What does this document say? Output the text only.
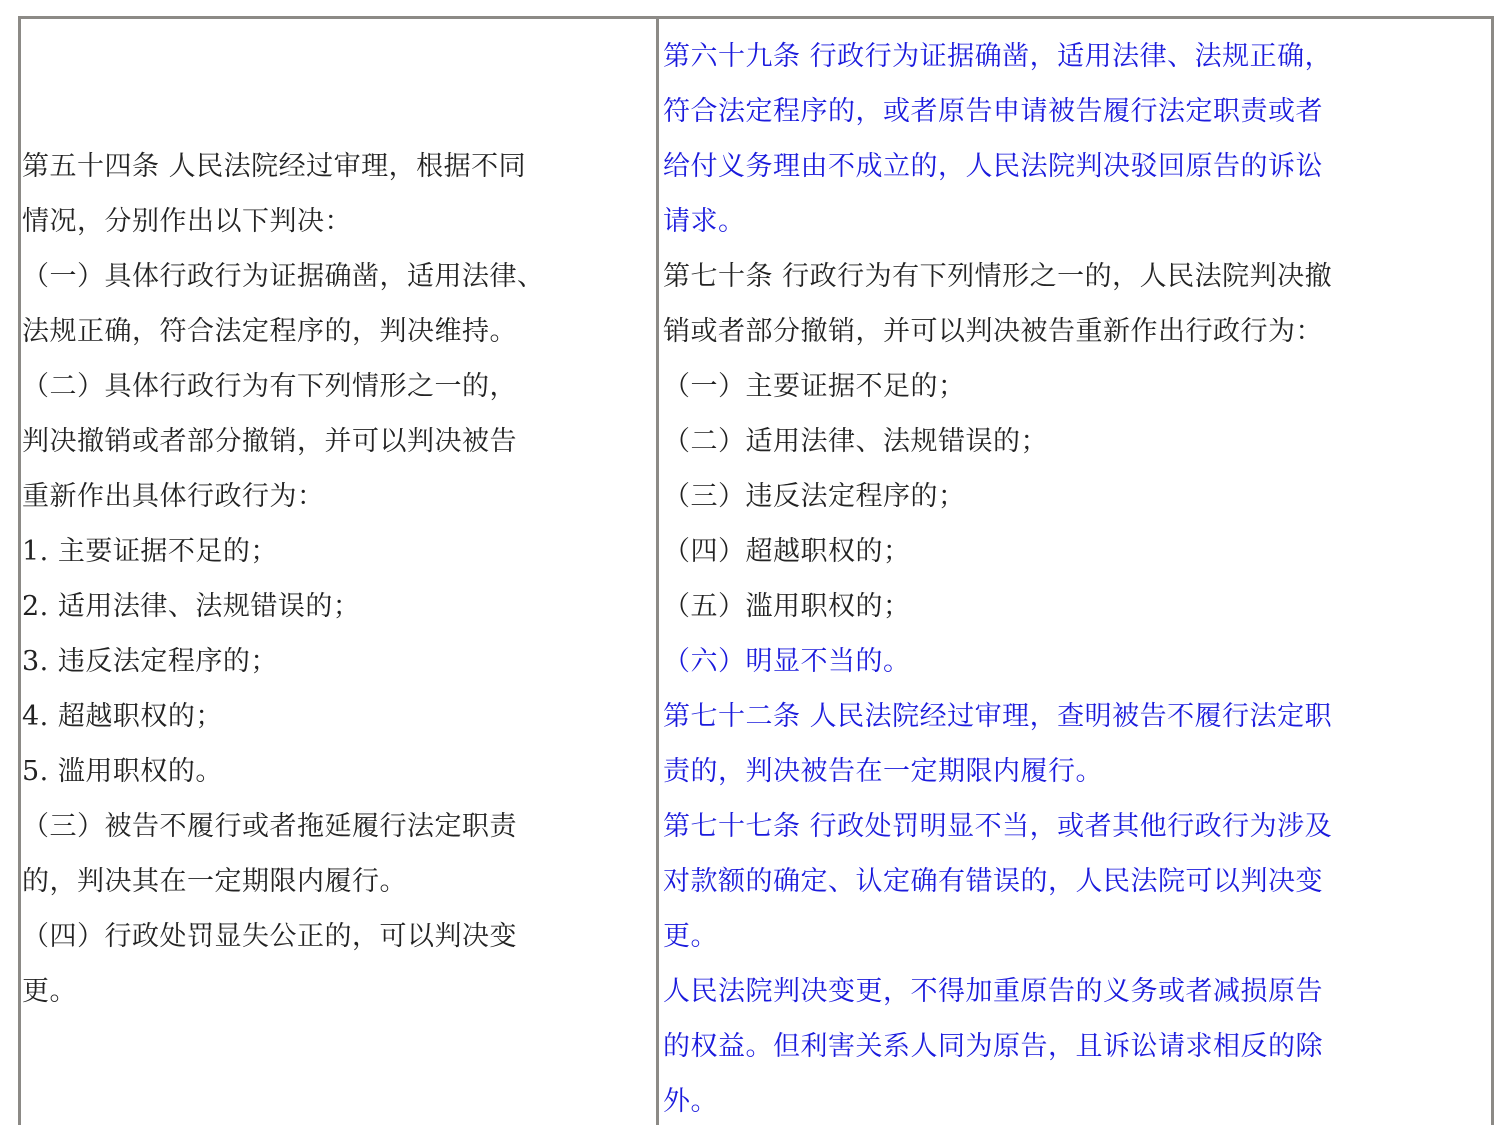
第五十四条 人民法院经过审理，根据不同
情况，分别作出以下判决：
（一）具体行政行为证据确凿，适用法律、
法规正确，符合法定程序的，判决维持。
（二）具体行政行为有下列情形之一的，
判决撤销或者部分撤销，并可以判决被告
重新作出具体行政行为：
1. 主要证据不足的；
2. 适用法律、法规错误的；
3. 违反法定程序的；
4. 超越职权的；
5. 滥用职权的。
（三）被告不履行或者拖延履行法定职责
的，判决其在一定期限内履行。
（四）行政处罚显失公正的，可以判决变
更。
第六十九条 行政行为证据确凿，适用法律、法规正确，
符合法定程序的，或者原告申请被告履行法定职责或者
给付义务理由不成立的，人民法院判决驳回原告的诉讼
请求。
第七十条 行政行为有下列情形之一的，人民法院判决撤
销或者部分撤销，并可以判决被告重新作出行政行为：
（一）主要证据不足的；
（二）适用法律、法规错误的；
（三）违反法定程序的；
（四）超越职权的；
（五）滥用职权的；
（六）明显不当的。
第七十二条 人民法院经过审理，查明被告不履行法定职
责的，判决被告在一定期限内履行。
第七十七条 行政处罚明显不当，或者其他行政行为涉及
对款额的确定、认定确有错误的，人民法院可以判决变
更。
人民法院判决变更，不得加重原告的义务或者减损原告
的权益。但利害关系人同为原告，且诉讼请求相反的除
外。
